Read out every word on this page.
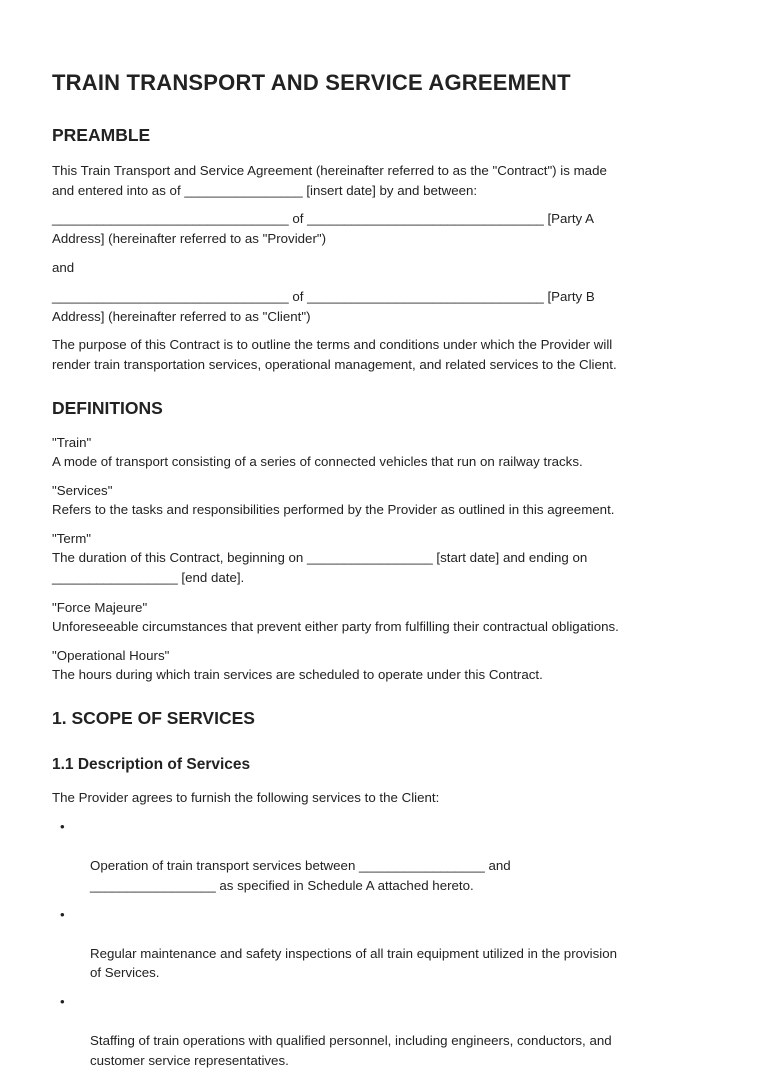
TRAIN TRANSPORT AND SERVICE AGREEMENT
PREAMBLE

This Train Transport and Service Agreement (hereinafter referred to as the "Contract") is made
and entered into as of ________________ [insert date] by and between:

________________________________ of ________________________________ [Party A
Address] (hereinafter referred to as "Provider")

and

________________________________ of ________________________________ [Party B
Address] (hereinafter referred to as "Client")

The purpose of this Contract is to outline the terms and conditions under which the Provider will
render train transportation services, operational management, and related services to the Client.

DEFINITIONS

"Train"

A mode of transport consisting of a series of connected vehicles that run on railway tracks.

"Services"

Refers to the tasks and responsibilities performed by the Provider as outlined in this agreement.

"Term"

The duration of this Contract, beginning on _________________ [start date] and ending on
_________________ [end date].

"Force Majeure"

Unforeseeable circumstances that prevent either party from fulfilling their contractual obligations.

"Operational Hours"

The hours during which train services are scheduled to operate under this Contract.

1. SCOPE OF SERVICES
1.1 Description of Services

The Provider agrees to furnish the following services to the Client:

•

Operation of train transport services between _________________ and
_________________ as specified in Schedule A attached hereto.

•

Regular maintenance and safety inspections of all train equipment utilized in the provision
of Services.

•

Staffing of train operations with qualified personnel, including engineers, conductors, and
customer service representatives.
